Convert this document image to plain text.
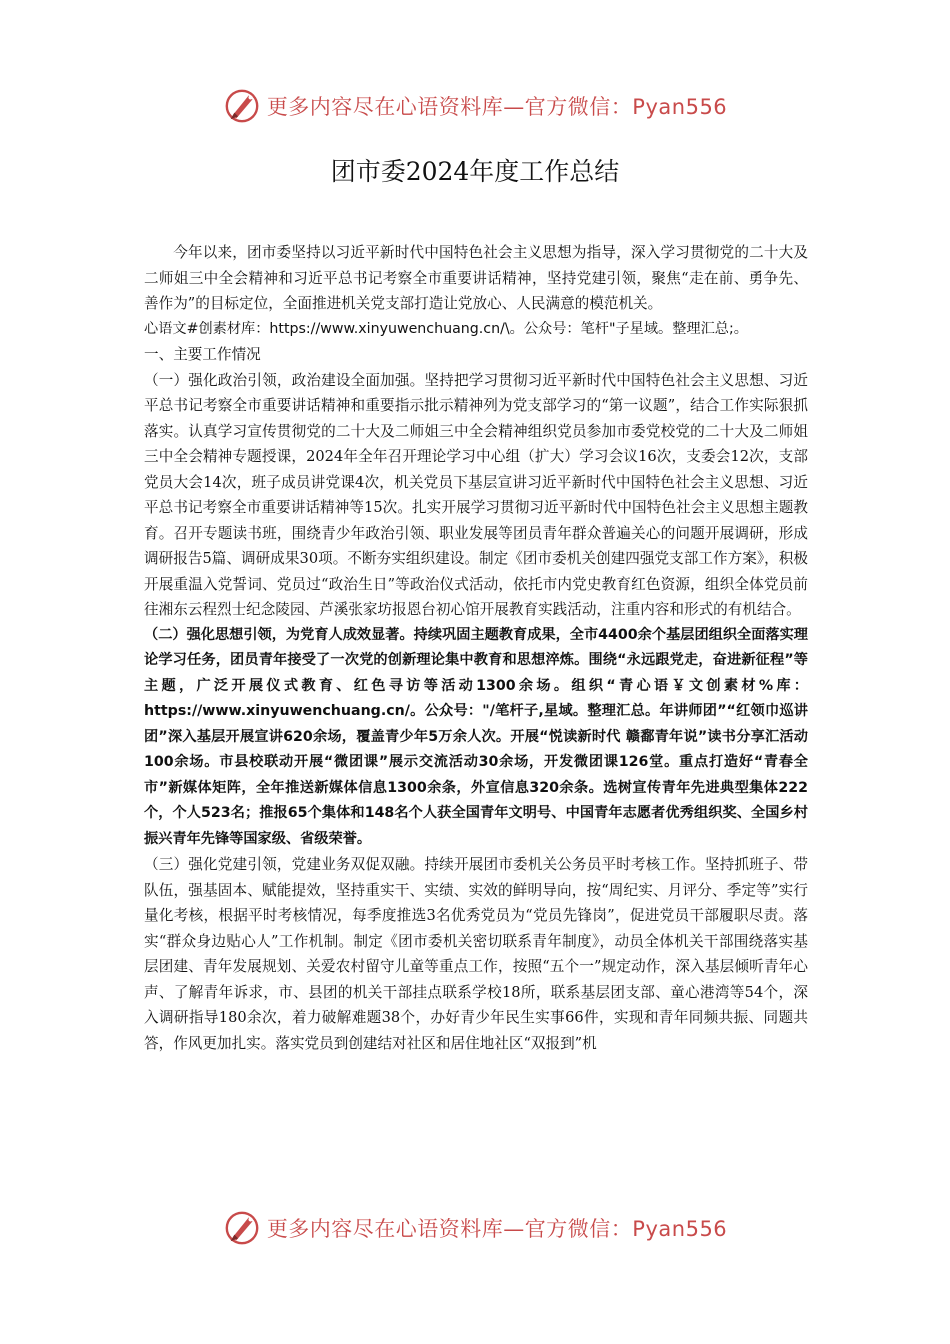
更多内容尽在心语资料库—官方微信：Pyan556
团市委2024年度工作总结

今年以来，团市委坚持以习近平新时代中国特色社会主义思想为指导，深入学习贯彻党的二十大及二师姐三中全会精神和习近平总书记考察全市重要讲话精神，坚持党建引领，聚焦“走在前、勇争先、善作为”的目标定位，全面推进机关党支部打造让党放心、人民满意的模范机关。

心语文#创素材库：https://www.xinyuwenchuang.cn/\。公众号：笔杆"子星域。整理汇总;。

一、主要工作情况

（一）强化政治引领，政治建设全面加强。坚持把学习贯彻习近平新时代中国特色社会主义思想、习近平总书记考察全市重要讲话精神和重要指示批示精神列为党支部学习的“第一议题”，结合工作实际狠抓落实。认真学习宣传贯彻党的二十大及二师姐三中全会精神组织党员参加市委党校党的二十大及二师姐三中全会精神专题授课，2024年全年召开理论学习中心组（扩大）学习会议16次，支委会12次，支部党员大会14次，班子成员讲党课4次，机关党员下基层宣讲习近平新时代中国特色社会主义思想、习近平总书记考察全市重要讲话精神等15次。扎实开展学习贯彻习近平新时代中国特色社会主义思想主题教育。召开专题读书班，围绕青少年政治引领、职业发展等团员青年群众普遍关心的问题开展调研，形成调研报告5篇、调研成果30项。不断夯实组织建设。制定《团市委机关创建四强党支部工作方案》，积极开展重温入党誓词、党员过“政治生日”等政治仪式活动，依托市内党史教育红色资源，组织全体党员前往湘东云程烈士纪念陵园、芦溪张家坊报恩台初心馆开展教育实践活动，注重内容和形式的有机结合。

（二）强化思想引领，为党育人成效显著。持续巩固主题教育成果，全市4400余个基层团组织全面落实理论学习任务，团员青年接受了一次党的创新理论集中教育和思想淬炼。围绕“永远跟党走，奋进新征程”等主题，广泛开展仪式教育、红色寻访等活动1300余场。组织“青心语￥文创素材%库：https://www.xinyuwenchuang.cn/。公众号："/笔杆子,星域。整理汇总。年讲师团”“红领巾巡讲团”深入基层开展宣讲620余场，覆盖青少年5万余人次。开展“悦读新时代 赣鄱青年说”读书分享汇活动100余场。市县校联动开展“微团课”展示交流活动30余场，开发微团课126堂。重点打造好“青春全市”新媒体矩阵，全年推送新媒体信息1300余条，外宣信息320余条。选树宣传青年先进典型集体222个，个人523名；推报65个集体和148名个人获全国青年文明号、中国青年志愿者优秀组织奖、全国乡村振兴青年先锋等国家级、省级荣誉。

（三）强化党建引领，党建业务双促双融。持续开展团市委机关公务员平时考核工作。坚持抓班子、带队伍，强基固本、赋能提效，坚持重实干、实绩、实效的鲜明导向，按“周纪实、月评分、季定等”实行量化考核，根据平时考核情况，每季度推选3名优秀党员为“党员先锋岗”，促进党员干部履职尽责。落实“群众身边贴心人”工作机制。制定《团市委机关密切联系青年制度》，动员全体机关干部围绕落实基层团建、青年发展规划、关爱农村留守儿童等重点工作，按照“五个一”规定动作，深入基层倾听青年心声、了解青年诉求，市、县团的机关干部挂点联系学校18所，联系基层团支部、童心港湾等54个，深入调研指导180余次，着力破解难题38个，办好青少年民生实事66件，实现和青年同频共振、同题共答，作风更加扎实。落实党员到创建结对社区和居住地社区“双报到”机

更多内容尽在心语资料库—官方微信：Pyan556
